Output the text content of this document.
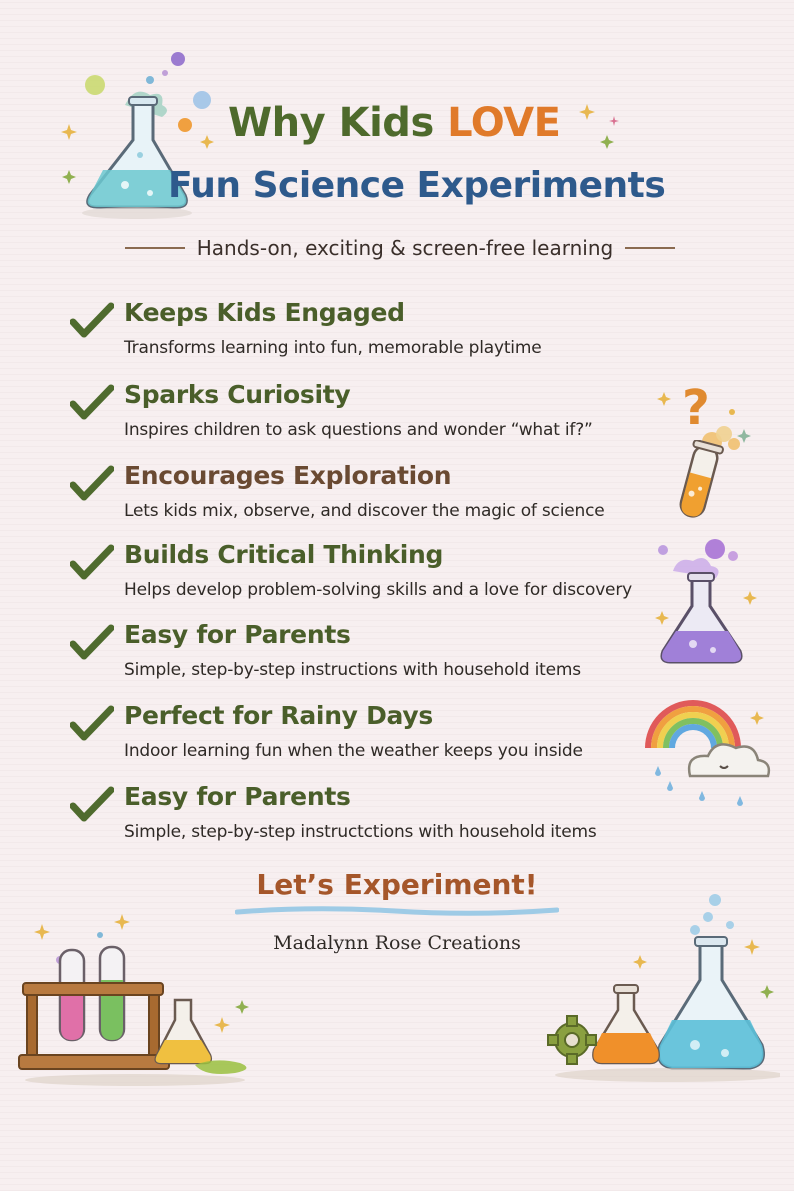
Why Kids LOVE
Fun Science Experiments
Hands-on, exciting & screen-free learning
Keeps Kids Engaged
Transforms learning into fun, memorable playtime
Sparks Curiosity
Inspires children to ask questions and wonder “what if?”
Encourages Exploration
Lets kids mix, observe, and discover the magic of science
Builds Critical Thinking
Helps develop problem-solving skills and a love for discovery
Easy for Parents
Simple, step-by-step instructions with household items
Perfect for Rainy Days
Indoor learning fun when the weather keeps you inside
Easy for Parents
Simple, step-by-step instructctions with household items
?
Let’s Experiment!
Madalynn Rose Creations
